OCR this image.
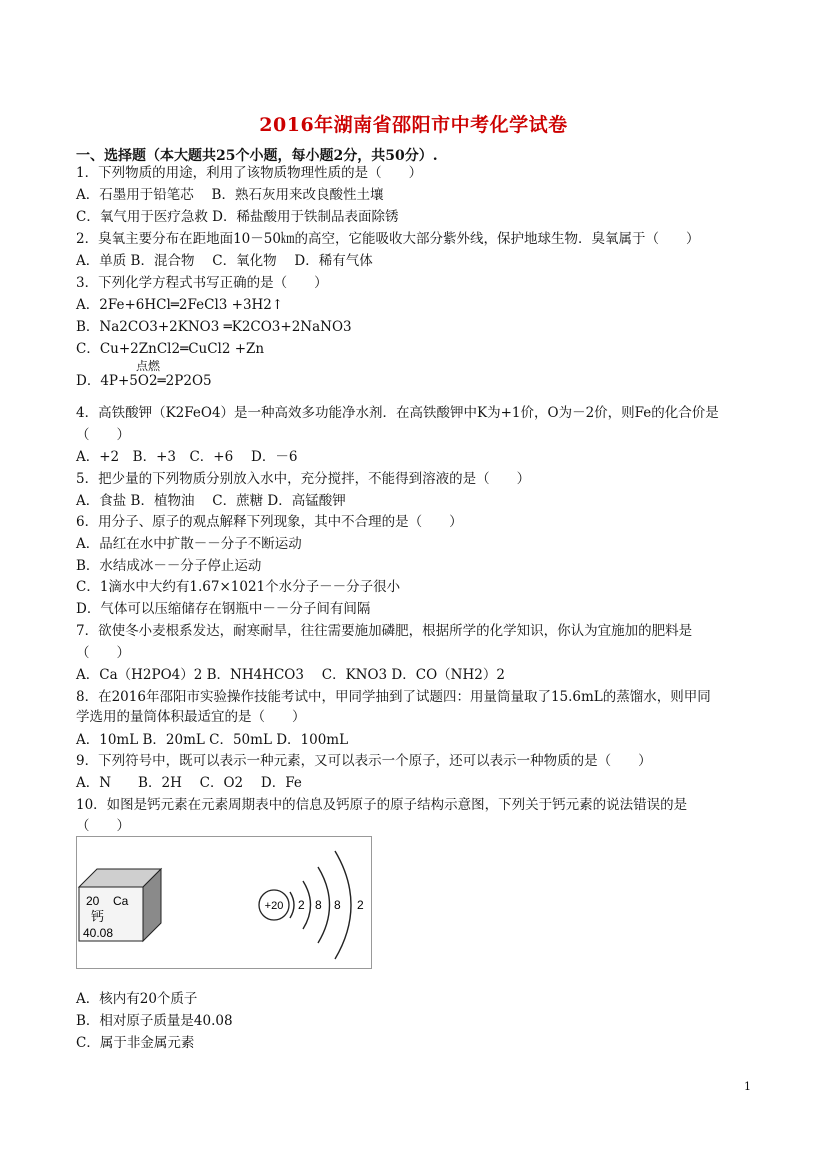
2016年湖南省邵阳市中考化学试卷
一、选择题（本大题共25个小题，每小题2分，共50分）.
1．下列物质的用途，利用了该物质物理性质的是（　　）
A．石墨用于铅笔芯　 B．熟石灰用来改良酸性土壤
C．氧气用于医疗急救 D．稀盐酸用于铁制品表面除锈
2．臭氧主要分布在距地面10－50㎞的高空，它能吸收大部分紫外线，保护地球生物．臭氧属于（　　）
A．单质 B．混合物　 C．氧化物　 D．稀有气体
3．下列化学方程式书写正确的是（　　）
A．2Fe+6HCl═2FeCl3 +3H2↑
B．Na2CO3+2KNO3 ═K2CO3+2NaNO3
C．Cu+2ZnCl2═CuCl2 +Zn
点燃
D．4P+5O2═2P2O5
4．高铁酸钾（K2FeO4）是一种高效多功能净水剂．在高铁酸钾中K为+1价，O为－2价，则Fe的化合价是
（　　）
A．+2　B．+3　C．+6　 D．－6
5．把少量的下列物质分别放入水中，充分搅拌，不能得到溶液的是（　　）
A．食盐 B．植物油　 C．蔗糖 D．高锰酸钾
6．用分子、原子的观点解释下列现象，其中不合理的是（　　）
A．品红在水中扩散－－分子不断运动
B．水结成冰－－分子停止运动
C．1滴水中大约有1.67×1021个水分子－－分子很小
D．气体可以压缩储存在钢瓶中－－分子间有间隔
7．欲使冬小麦根系发达，耐寒耐旱，往往需要施加磷肥，根据所学的化学知识，你认为宜施加的肥料是
（　　）
A．Ca（H2PO4）2 B．NH4HCO3　 C．KNO3 D．CO（NH2）2
8．在2016年邵阳市实验操作技能考试中，甲同学抽到了试题四：用量筒量取了15.6mL的蒸馏水，则甲同
学选用的量筒体积最适宜的是（　　）
A．10mL B．20mL C．50mL D．100mL
9．下列符号中，既可以表示一种元素，又可以表示一个原子，还可以表示一种物质的是（　　）
A．N　　B．2H　 C．O2　 D．Fe
10．如图是钙元素在元素周期表中的信息及钙原子的原子结构示意图，下列关于钙元素的说法错误的是
（　　）
20 Ca
钙
40.08
+20 2 8 8 2
A．核内有20个质子
B．相对原子质量是40.08
C．属于非金属元素
1
